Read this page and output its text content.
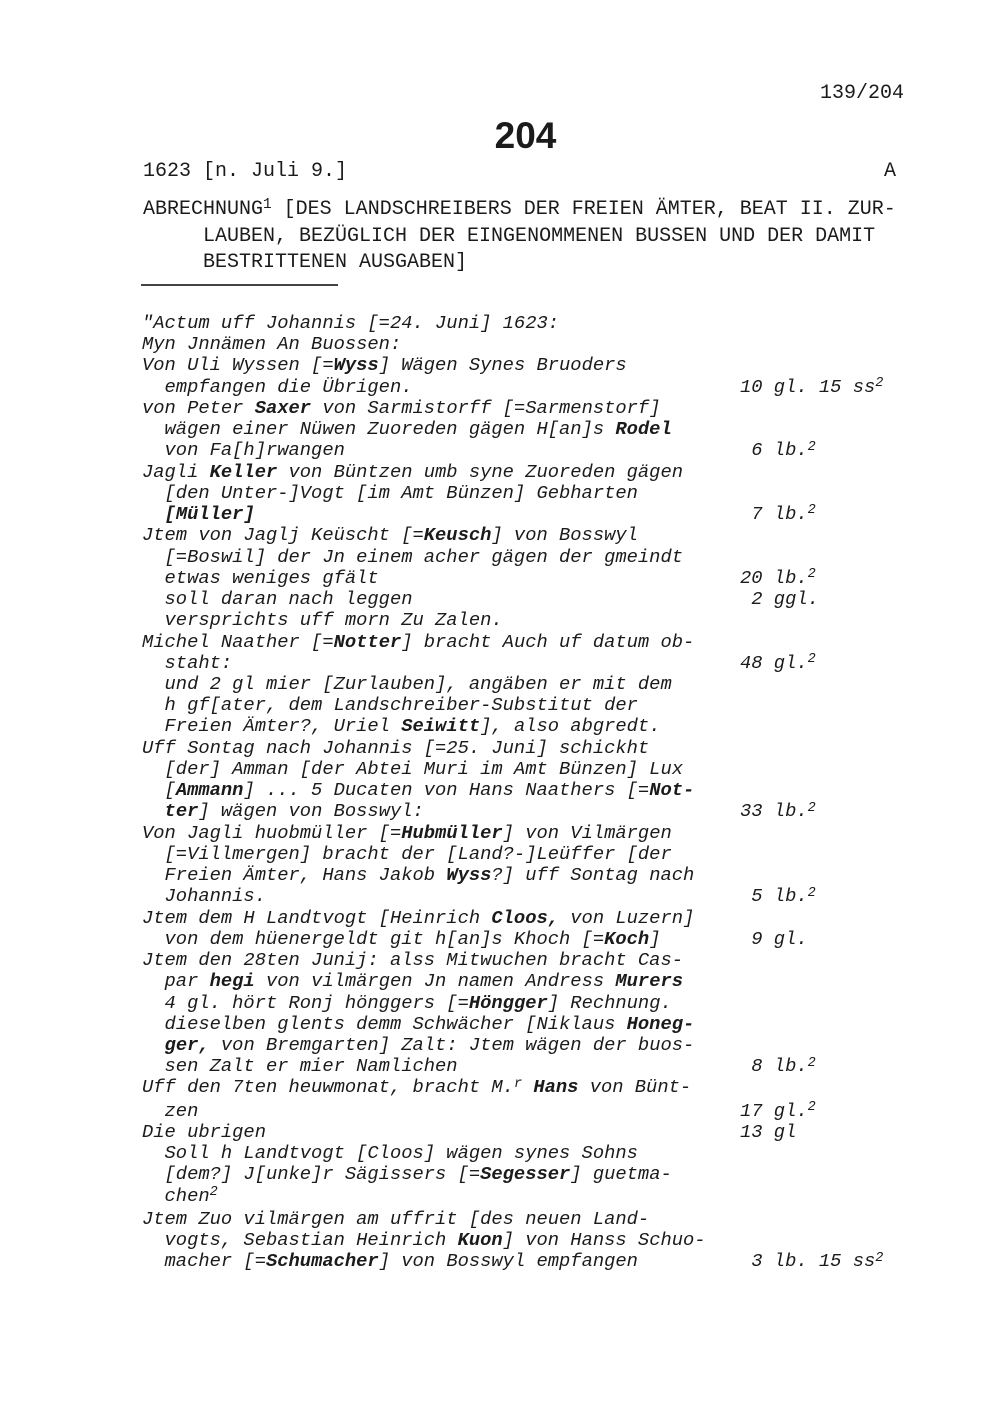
139/204
204
1623 [n. Juli 9.]	A
ABRECHNUNG$^1$ [DES LANDSCHREIBERS DER FREIEN ÄMTER, BEAT II. ZUR-
LAUBEN, BEZÜGLICH DER EINGENOMMENEN BUSSEN UND DER DAMIT
BESTRITTENEN AUSGABEN]
"Actum uff Johannis [=24. Juni] 1623:
Myn Jnnämen An Buossen:
Von Uli Wyssen [=Wyss] Wägen Synes Bruoders
empfangen die Übrigen.	10 gl. 15 $ss^2$
von Peter Saxer von Sarmistorff [=Sarmenstorf]
wägen einer Nüwen Zuoreden gägen H[an]s Rodel
von Fa[h]rwangen	6 lb.$^2$
Jagli Keller von Büntzen umb syne Zuoreden gägen
[den Unter-]Vogt [im Amt Bünzen] Gebharten
[Müller]	7 lb.$^2$
Jtem von Jaglj Keüscht [=Keusch] von Bosswyl
[=Boswil] der Jn einem acher gägen der gmeindt
etwas weniges gfält	20 lb.$^2$
soll daran nach leggen	2 ggl.
versprichts uff morn Zu Zalen.
Michel Naather [=Notter] bracht Auch uf datum ob-
staht:	48 gl.$^2$
und 2 gl mier [Zurlauben], angäben er mit dem
h gf[ater, dem Landschreiber-Substitut der
Freien Ämter?, Uriel Seiwitt], also abgredt.
Uff Sontag nach Johannis [=25. Juni] schickht
[der] Amman [der Abtei Muri im Amt Bünzen] Lux
[Ammann] ... 5 Ducaten von Hans Naathers [=Not-
ter] wägen von Bosswyl:	33 lb.$^2$
Von Jagli huobmüller [=Hubmüller] von Vilmärgen
[=Villmergen] bracht der [Land?-]Leüffer [der
Freien Ämter, Hans Jakob Wyss?] uff Sontag nach
Johannis.	5 lb.$^2$
Jtem dem H Landtvogt [Heinrich Cloos, von Luzern]
von dem hüenergeldt git h[an]s Khoch [=Koch]	9 gl.
Jtem den 28ten Junij: alss Mitwuchen bracht Cas-
par hegi von vilmärgen Jn namen Andress Murers
4 gl. hört Ronj hönggers [=Höngger] Rechnung.
dieselben glents demm Schwächer [Niklaus Honeg-
ger, von Bremgarten] Zalt: Jtem wägen der buos-
sen Zalt er mier Namlichen	8 lb.$^2$
Uff den 7ten heuwmonat, bracht M.$^r$ Hans von Bünt-
zen	17 gl.$^2$
Die ubrigen	13 gl
Soll h Landtvogt [Cloos] wägen synes Sohns
[dem?] J[unke]r Sägissers [=Segesser] guetma-
chen$^2$
Jtem Zuo vilmärgen am uffrit [des neuen Land-
vogts, Sebastian Heinrich Kuon] von Hanss Schuo-
macher [=Schumacher] von Bosswyl empfangen	3 lb. 15 $ss^2$
